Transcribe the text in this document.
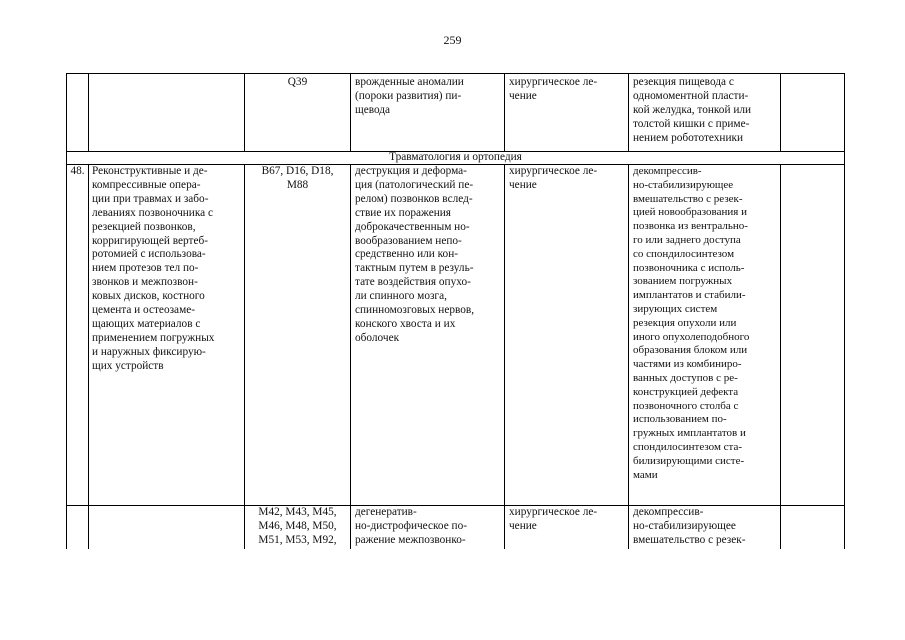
259
Травматология и ортопедия
Q39	врожденные аномалии
(пороки развития) пи-
щевода
хирургическое ле-
чение
резекция пищевода с
одномоментной пласти-
кой желудка, тонкой или
толстой кишки с приме-
нением робототехники
48. Реконструктивные и де-
компрессивные опера-
ции при травмах и забо-
леваниях позвоночника с
резекцией позвонков,
корригирующей вертеб-
ротомией с использова-
нием протезов тел по-
звонков и межпозвон-
ковых дисков, костного
цемента и остеозаме-
щающих материалов с
применением погружных
и наружных фиксирую-
щих устройств
B67, D16, D18,
M88
деструкция и деформа-
ция (патологический пе-
релом) позвонков вслед-
ствие их поражения
доброкачественным но-
вообразованием непо-
средственно или кон-
тактным путем в резуль-
тате воздействия опухо-
ли спинного мозга,
спинномозговых нервов,
конского хвоста и их
оболочек
хирургическое ле-
чение
декомпрессив-
но-стабилизирующее
вмешательство с резек-
цией новообразования и
позвонка из вентрально-
го или заднего доступа
со спондилосинтезом
позвоночника с исполь-
зованием погружных
имплантатов и стабили-
зирующих систем
резекция опухоли или
иного опухолеподобного
образования блоком или
частями из комбиниро-
ванных доступов с ре-
конструкцией дефекта
позвоночного столба с
использованием по-
гружных имплантатов и
спондилосинтезом ста-
билизирующими систе-
мами
M42, M43, M45,
M46, M48, M50,
M51, M53, M92,
дегенератив-
но-дистрофическое по-
ражение межпозвонко-
хирургическое ле-
чение
декомпрессив-
но-стабилизирующее
вмешательство с резек-
